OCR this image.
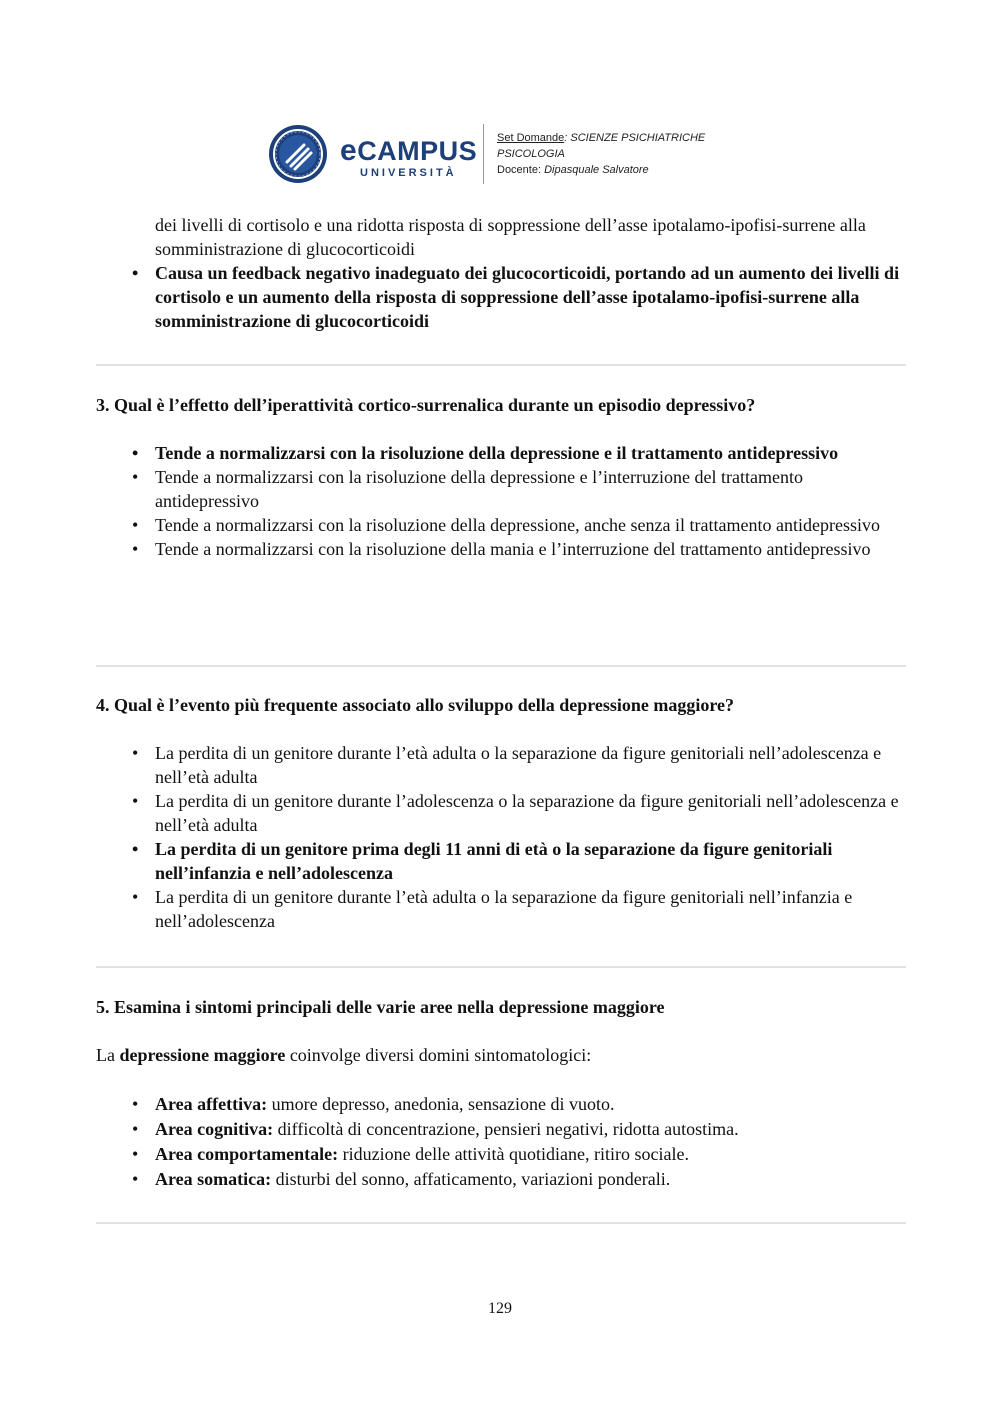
eCAMPUS
UNIVERSITÀ
Set Domande: SCIENZE PSICHIATRICHE
PSICOLOGIA
Docente: Dipasquale Salvatore
dei livelli di cortisolo e una ridotta risposta di soppressione dell’asse ipotalamo-ipofisi-surrene alla somministrazione di glucocorticoidi
• Causa un feedback negativo inadeguato dei glucocorticoidi, portando ad un aumento dei livelli di cortisolo e un aumento della risposta di soppressione dell’asse ipotalamo-ipofisi-surrene alla somministrazione di glucocorticoidi
3. Qual è l’effetto dell’iperattività cortico-surrenalica durante un episodio depressivo?
• Tende a normalizzarsi con la risoluzione della depressione e il trattamento antidepressivo
• Tende a normalizzarsi con la risoluzione della depressione e l’interruzione del trattamento antidepressivo
• Tende a normalizzarsi con la risoluzione della depressione, anche senza il trattamento antidepressivo
• Tende a normalizzarsi con la risoluzione della mania e l’interruzione del trattamento antidepressivo
4. Qual è l’evento più frequente associato allo sviluppo della depressione maggiore?
• La perdita di un genitore durante l’età adulta o la separazione da figure genitoriali nell’adolescenza e nell’età adulta
• La perdita di un genitore durante l’adolescenza o la separazione da figure genitoriali nell’adolescenza e nell’età adulta
• La perdita di un genitore prima degli 11 anni di età o la separazione da figure genitoriali nell’infanzia e nell’adolescenza
• La perdita di un genitore durante l’età adulta o la separazione da figure genitoriali nell’infanzia e nell’adolescenza
5. Esamina i sintomi principali delle varie aree nella depressione maggiore
La depressione maggiore coinvolge diversi domini sintomatologici:
• Area affettiva: umore depresso, anedonia, sensazione di vuoto.
• Area cognitiva: difficoltà di concentrazione, pensieri negativi, ridotta autostima.
• Area comportamentale: riduzione delle attività quotidiane, ritiro sociale.
• Area somatica: disturbi del sonno, affaticamento, variazioni ponderali.
129
